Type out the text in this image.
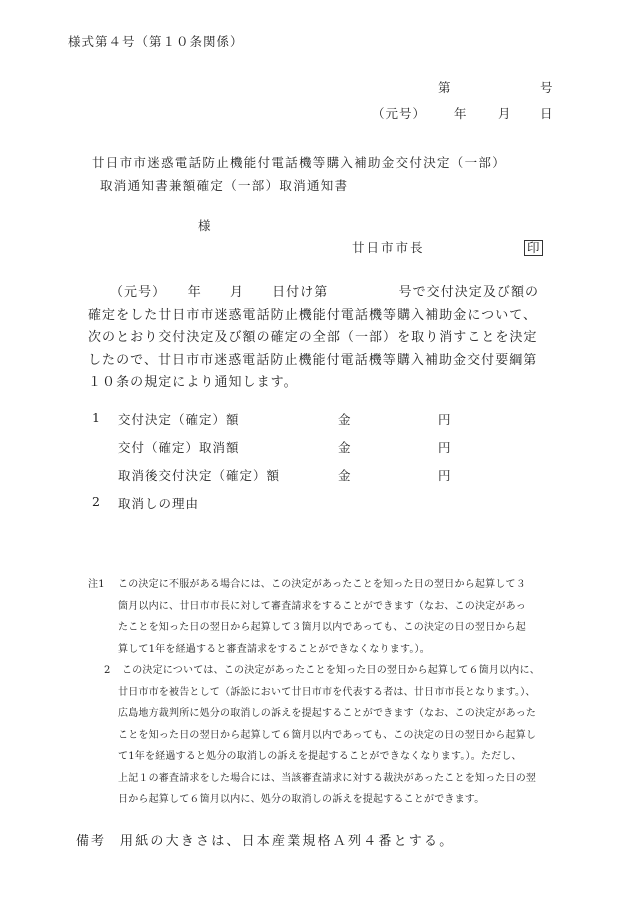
様式第４号（第１０条関係）
第	号
（元号） 年 月 日
廿日市市迷惑電話防止機能付電話機等購入補助金交付決定（一部）
取消通知書兼額確定（一部）取消通知書
様
廿日市市長	印
（元号）　　年　　月　　日付け第　　　　　号で交付決定及び額の
確定をした廿日市市迷惑電話防止機能付電話機等購入補助金について、
次のとおり交付決定及び額の確定の全部（一部）を取り消すことを決定
したので、廿日市市迷惑電話防止機能付電話機等購入補助金交付要綱第
１０条の規定により通知します。
1 交付決定（確定）額	金	円
交付（確定）取消額	金	円
取消後交付決定（確定）額	金	円
2 取消しの理由
注1 この決定に不服がある場合には、この決定があったことを知った日の翌日から起算して３
箇月以内に、廿日市市長に対して審査請求をすることができます（なお、この決定があっ
たことを知った日の翌日から起算して３箇月以内であっても、この決定の日の翌日から起
算して1年を経過すると審査請求をすることができなくなります。）。
2	この決定については、この決定があったことを知った日の翌日から起算して６箇月以内に、
廿日市市を被告として（訴訟において廿日市市を代表する者は、廿日市市長となります。）、
広島地方裁判所に処分の取消しの訴えを提起することができます（なお、この決定があった
ことを知った日の翌日から起算して６箇月以内であっても、この決定の日の翌日から起算し
て1年を経過すると処分の取消しの訴えを提起することができなくなります。）。ただし、
上記１の審査請求をした場合には、当該審査請求に対する裁決があったことを知った日の翌
日から起算して６箇月以内に、処分の取消しの訴えを提起することができます。
備考 用紙の大きさは、日本産業規格Ａ列４番とする。
